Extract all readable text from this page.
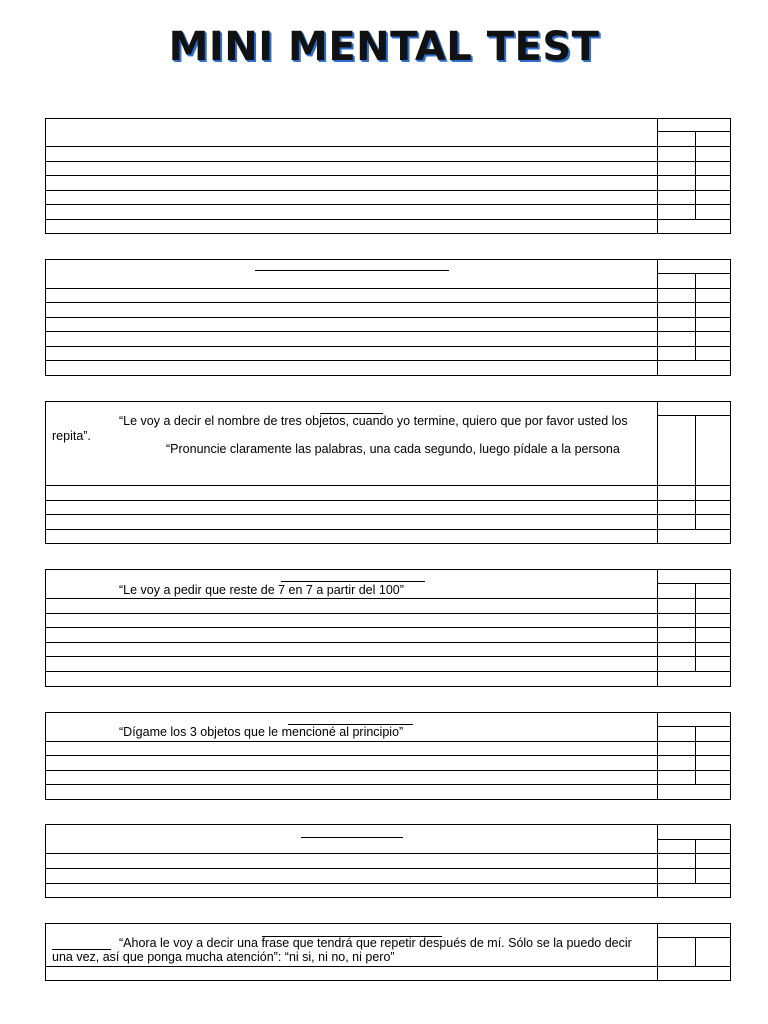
MINI MENTAL TEST
“Le voy a decir el nombre de tres objetos, cuando yo termine, quiero que por favor usted los
repita”.
“Pronuncie claramente las palabras, una cada segundo, luego pídale a la persona
“Le voy a pedir que reste de 7 en 7 a partir del 100”
“Dígame los 3 objetos que le mencioné al principio”
“Ahora le voy a decir una frase que tendrá que repetir después de mí. Sólo se la puedo decir
una vez, así que ponga mucha atención”: “ni si, ni no, ni pero”
